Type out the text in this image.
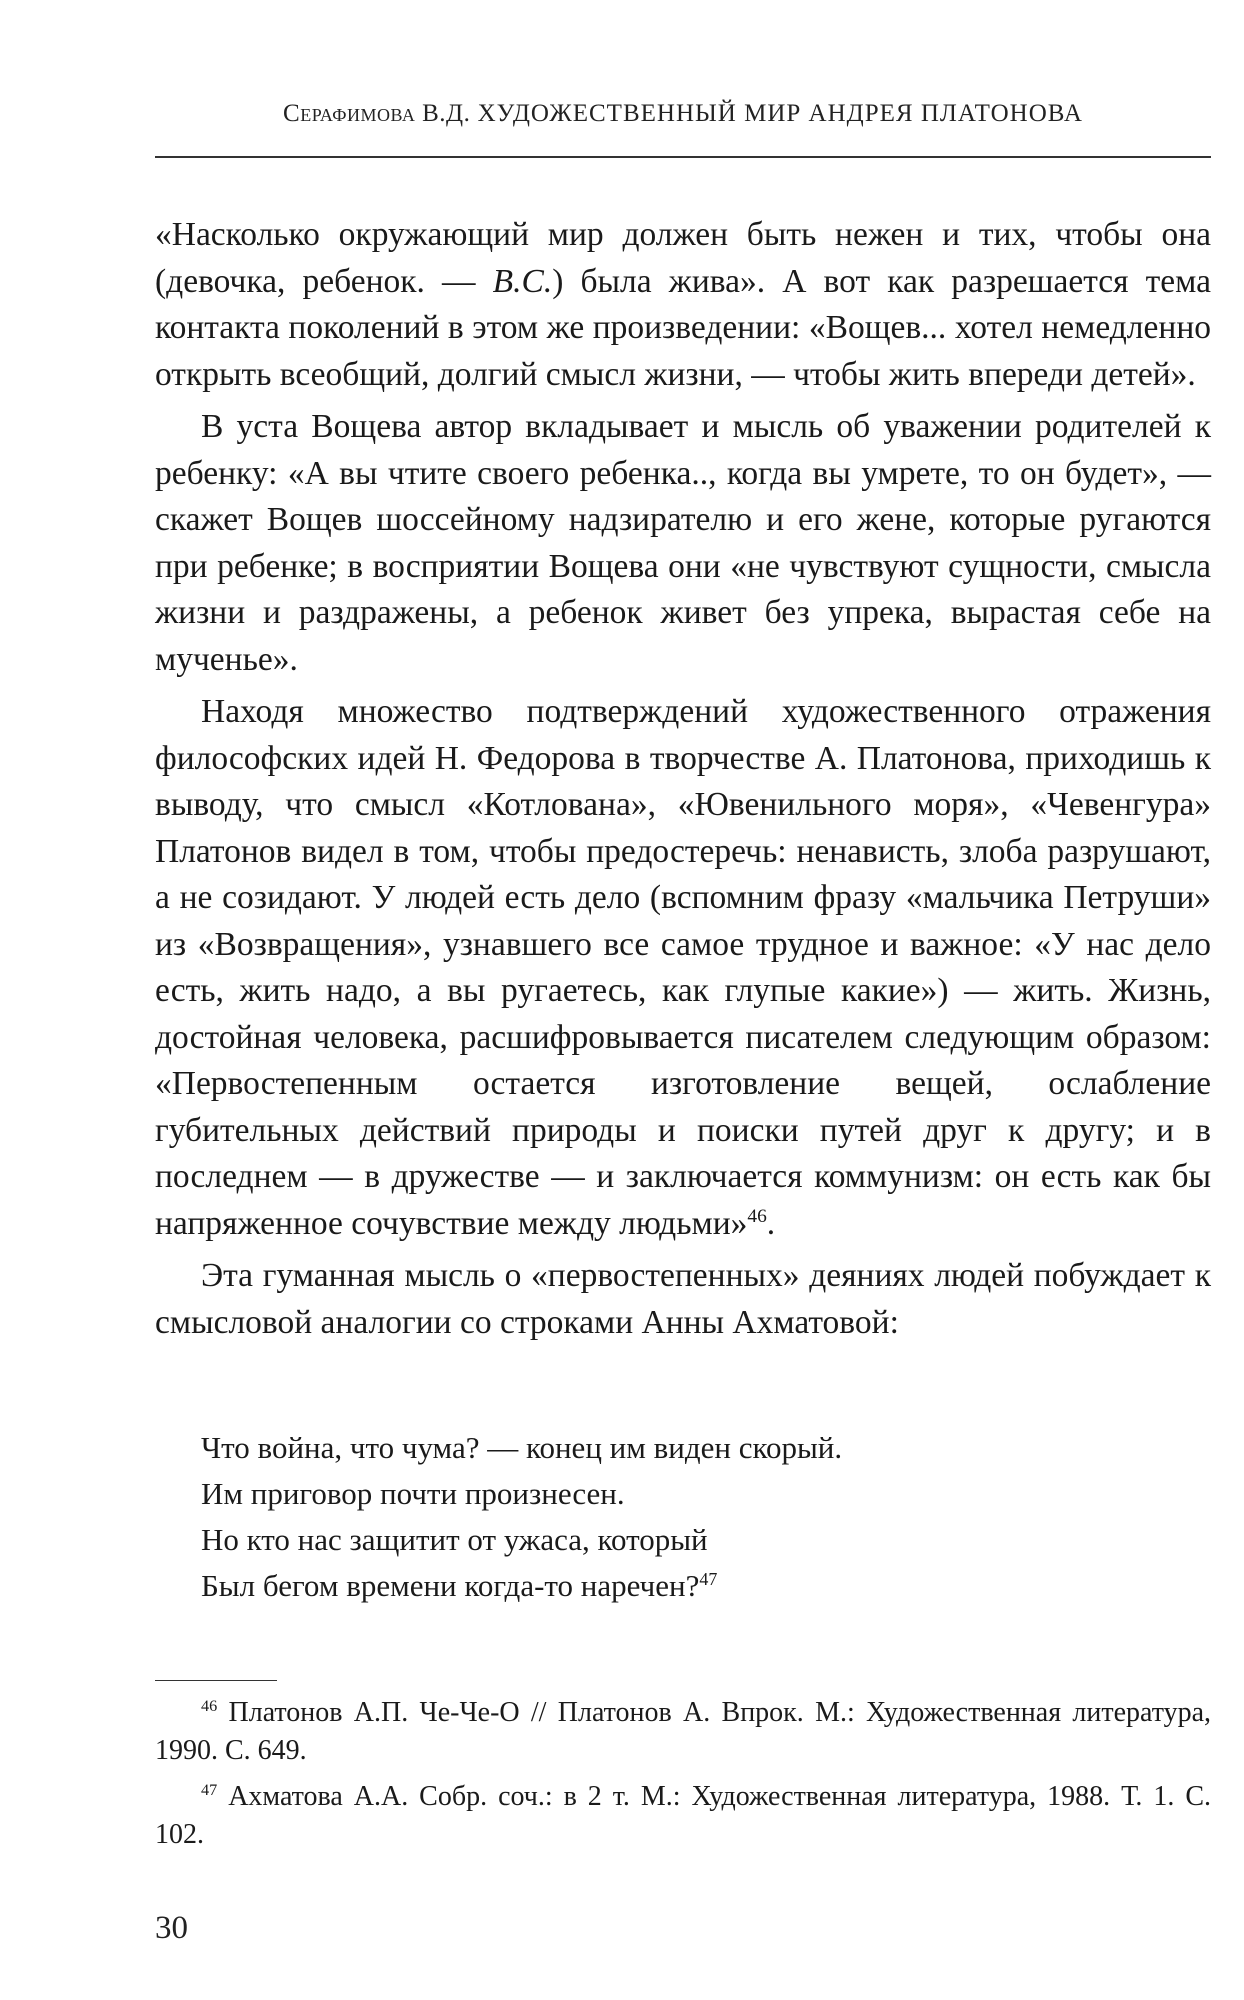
Серафимова В.Д. ХУДОЖЕСТВЕННЫЙ МИР АНДРЕЯ ПЛАТОНОВА

«Насколько окружающий мир должен быть нежен и тих, чтобы она (девочка, ребенок. — В.С.) была жива». А вот как разрешается тема контакта поколений в этом же произведении: «Вощев... хотел немедленно открыть всеобщий, долгий смысл жизни, — чтобы жить впереди детей».

В уста Вощева автор вкладывает и мысль об уважении родителей к ребенку: «А вы чтите своего ребенка.., когда вы умрете, то он будет», — скажет Вощев шоссейному надзирателю и его жене, которые ругаются при ребенке; в восприятии Вощева они «не чувствуют сущности, смысла жизни и раздражены, а ребенок живет без упрека, вырастая себе на мученье».

Находя множество подтверждений художественного отражения философских идей Н. Федорова в творчестве А. Платонова, приходишь к выводу, что смысл «Котлована», «Ювенильного моря», «Чевенгура» Платонов видел в том, чтобы предостеречь: ненависть, злоба разрушают, а не созидают. У людей есть дело (вспомним фразу «мальчика Петруши» из «Возвращения», узнавшего все самое трудное и важное: «У нас дело есть, жить надо, а вы ругаетесь, как глупые какие») — жить. Жизнь, достойная человека, расшифровывается писателем следующим образом: «Первостепенным остается изготовление вещей, ослабление губительных действий природы и поиски путей друг к другу; и в последнем — в дружестве — и заключается коммунизм: он есть как бы напряженное сочувствие между людьми»$^{46}$.

Эта гуманная мысль о «первостепенных» деяниях людей побуждает к смысловой аналогии со строками Анны Ахматовой:

Что война, что чума? — конец им виден скорый.
Им приговор почти произнесен.
Но кто нас защитит от ужаса, который
Был бегом времени когда-то наречен?$^{47}$

$^{46}$ Платонов А.П. Че-Че-О // Платонов А. Впрок. М.: Художественная литература, 1990. С. 649.

$^{47}$ Ахматова А.А. Собр. соч.: в 2 т. М.: Художественная литература, 1988. Т. 1. С. 102.

30
